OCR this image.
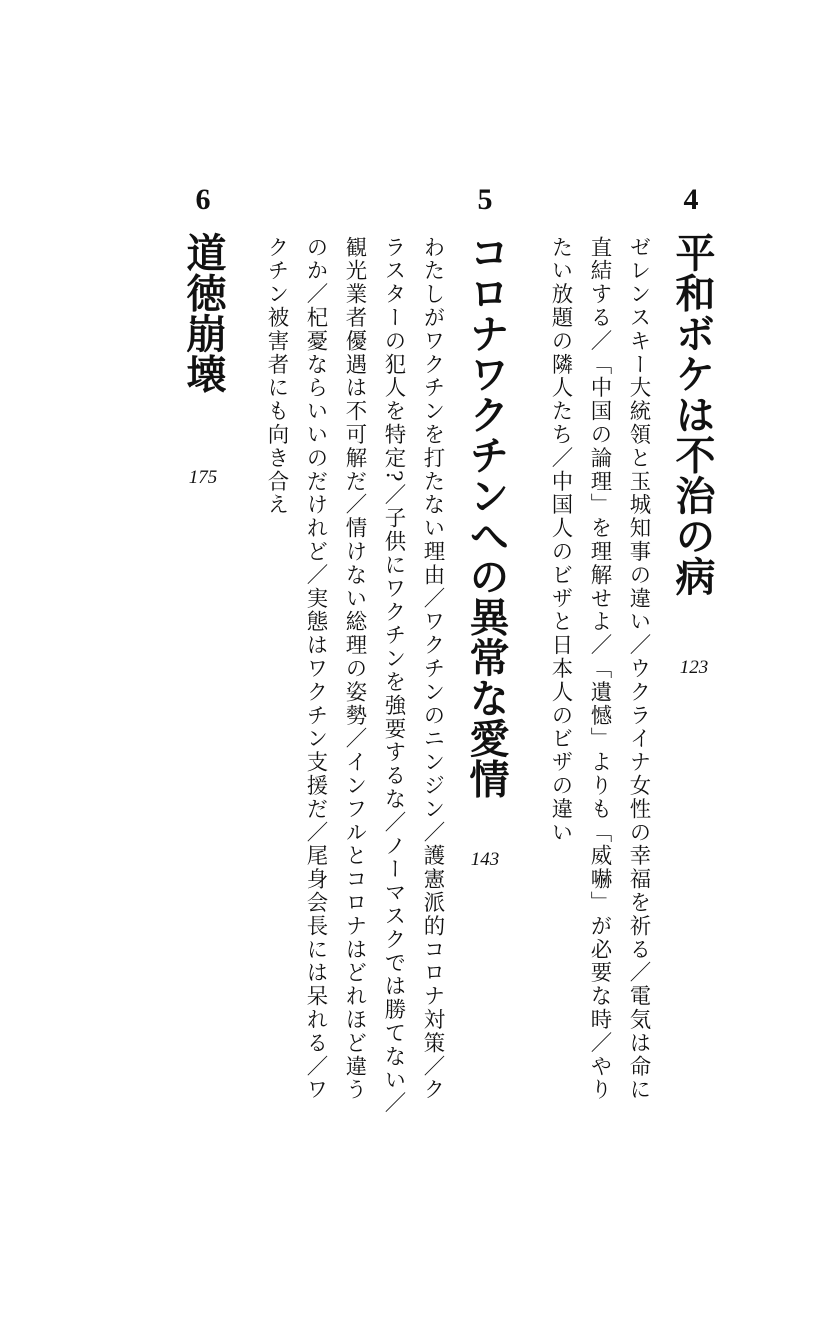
4
平和ボケは不治の病
123
ゼレンスキー大統領と玉城知事の違い／ウクライナ女性の幸福を祈る／電気は命に直結する／「中国の論理」を理解せよ／「遺憾」よりも「威嚇」が必要な時／やりたい放題の隣人たち／中国人のビザと日本人のビザの違い
5
コロナワクチンへの異常な愛情
143
わたしがワクチンを打たない理由／ワクチンのニンジン／護憲派的コロナ対策／クラスターの犯人を特定?／子供にワクチンを強要するな／ノーマスクでは勝てない／観光業者優遇は不可解だ／情けない総理の姿勢／インフルとコロナはどれほど違うのか／杞憂ならいいのだけれど／実態はワクチン支援だ／尾身会長には呆れる／ワクチン被害者にも向き合え
6
道徳崩壊
175
